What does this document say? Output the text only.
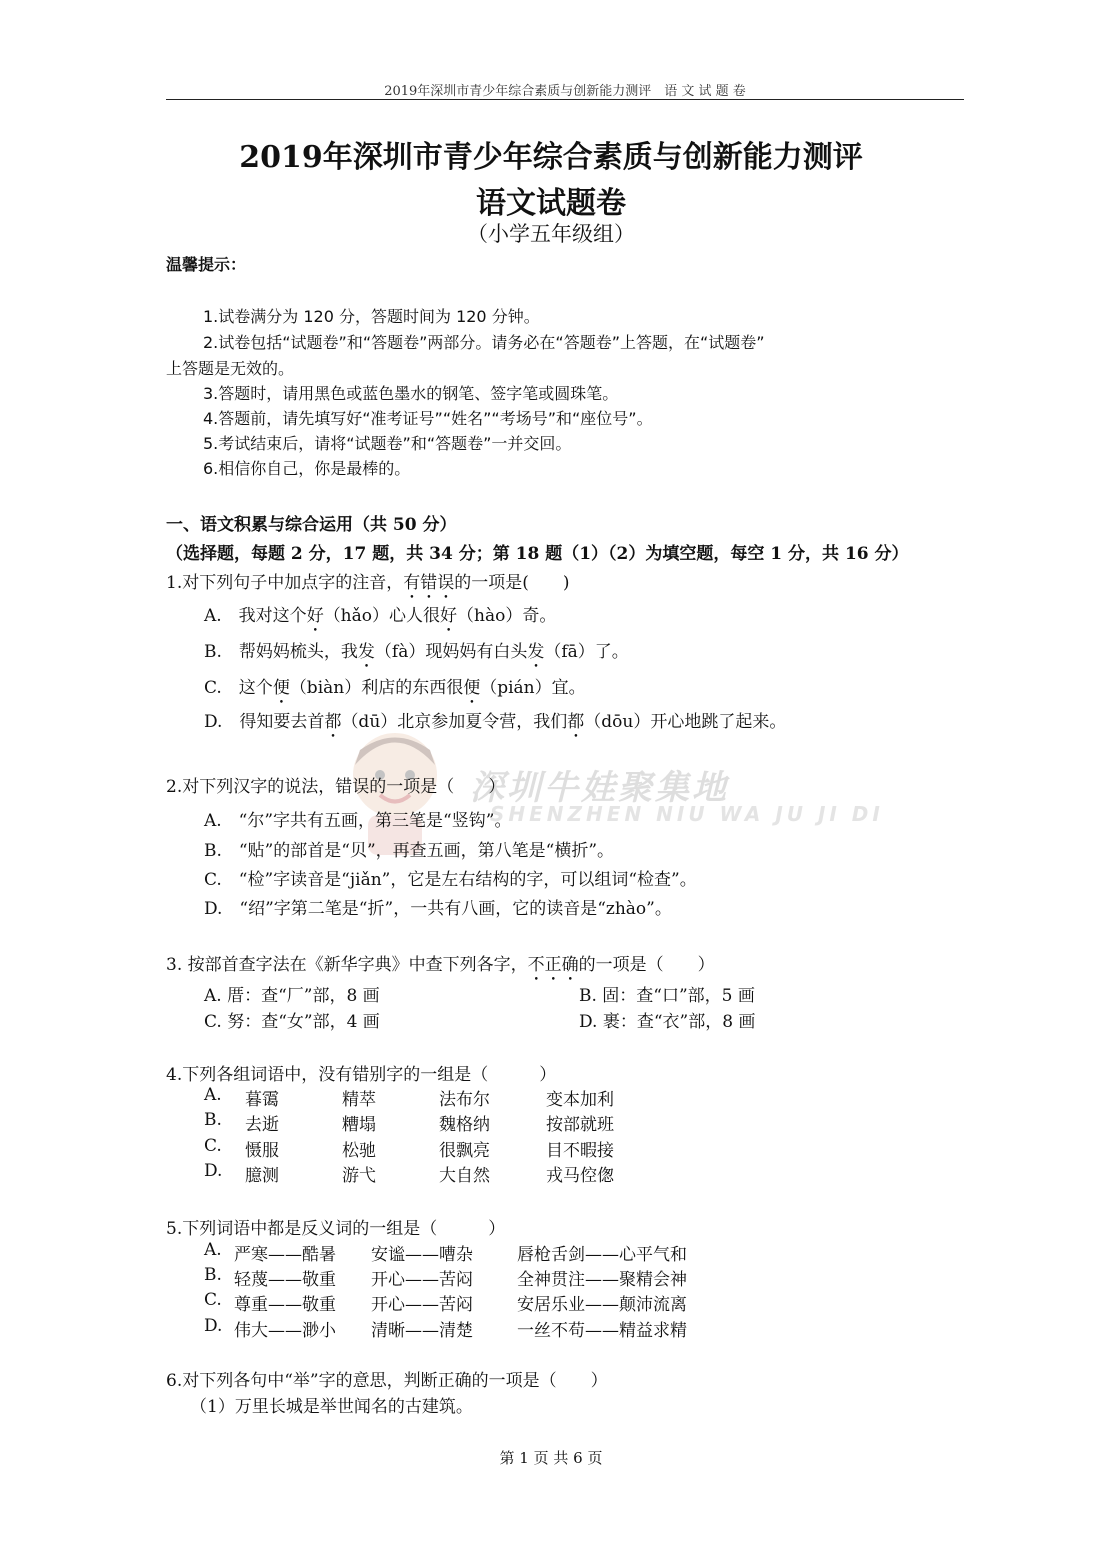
2019年深圳市青少年综合素质与创新能力测评　语 文 试 题 卷
2019年深圳市青少年综合素质与创新能力测评
语文试题卷
（小学五年级组）
温馨提示：
1.试卷满分为 120 分，答题时间为 120 分钟。
2.试卷包括“试题卷”和“答题卷”两部分。请务必在“答题卷”上答题，在“试题卷”
上答题是无效的。
3.答题时，请用黑色或蓝色墨水的钢笔、签字笔或圆珠笔。
4.答题前，请先填写好“准考证号”“姓名”“考场号”和“座位号”。
5.考试结束后，请将“试题卷”和“答题卷”一并交回。
6.相信你自己，你是最棒的。
一、语文积累与综合运用（共 50 分）
（选择题，每题 2 分，17 题，共 34 分；第 18 题（1）（2）为填空题，每空 1 分，共 16 分）
深圳牛娃聚集地
SHENZHEN NIU WA JU JI DI
1.对下列句子中加点字的注音，有错误的一项是(　　)
A.　我对这个好（hǎo）心人很好（hào）奇。
B.　帮妈妈梳头，我发（fà）现妈妈有白头发（fā）了。
C.　这个便（biàn）利店的东西很便（pián）宜。
D.　得知要去首都（dū）北京参加夏令营，我们都（dōu）开心地跳了起来。
2.对下列汉字的说法，错误的一项是（　　）
A.　“尔”字共有五画，第三笔是“竖钩”。
B.　“贴”的部首是“贝”，再查五画，第八笔是“横折”。
C.　“检”字读音是“jiǎn”，它是左右结构的字，可以组词“检查”。
D.　“绍”字第二笔是“折”，一共有八画，它的读音是“zhào”。
3. 按部首查字法在《新华字典》中查下列各字，不正确的一项是（　　）
A. 厝：查“厂”部，8 画	B. 固：查“口”部，5 画
C. 努：查“女”部，4 画	D. 裹：查“衣”部，8 画
4.下列各组词语中，没有错别字的一组是（　　　）
A. 暮霭	精萃	法布尔	变本加利
B. 去逝	糟塌	魏格纳	按部就班
C. 慑服	松驰	很飘亮	目不暇接
D. 臆测	游弋	大自然	戎马倥偬
5.下列词语中都是反义词的一组是（　　　）
A. 严寒——酷暑 安谧——嘈杂	唇枪舌剑——心平气和
B. 轻蔑——敬重 开心——苦闷	全神贯注——聚精会神
C. 尊重——敬重 开心——苦闷	安居乐业——颠沛流离
D. 伟大——渺小 清晰——清楚	一丝不苟——精益求精
6.对下列各句中“举”字的意思，判断正确的一项是（　　）
（1）万里长城是举世闻名的古建筑。
第 1 页 共 6 页
